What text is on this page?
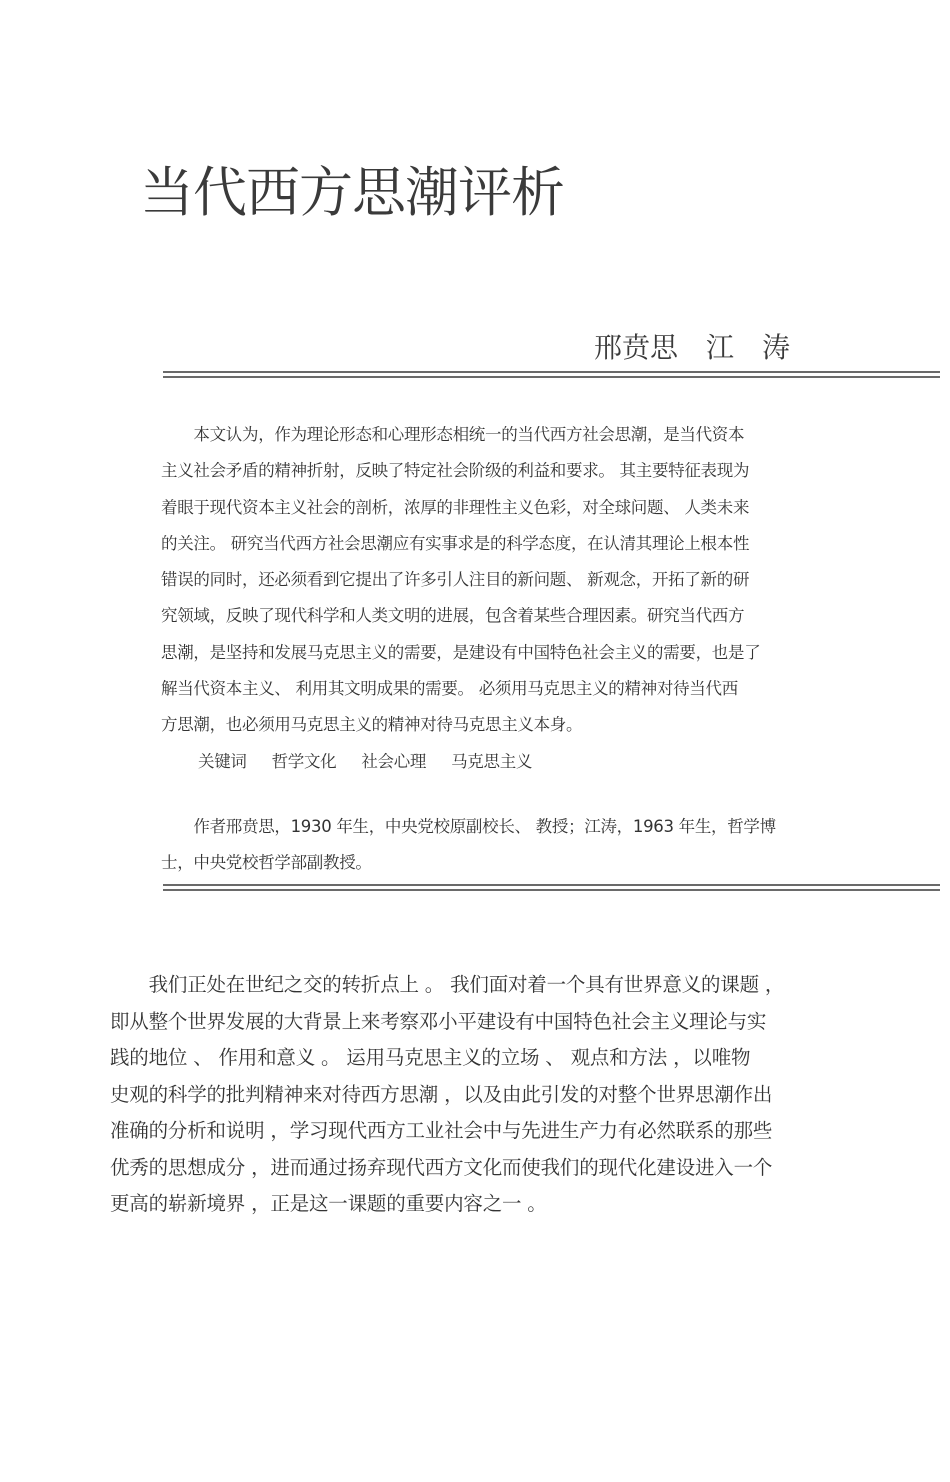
当代西方思潮评析
邢贲思　江　涛
　　本文认为，作为理论形态和心理形态相统一的当代西方社会思潮，是当代资本
主义社会矛盾的精神折射，反映了特定社会阶级的利益和要求。 其主要特征表现为
着眼于现代资本主义社会的剖析，浓厚的非理性主义色彩，对全球问题、 人类未来
的关注。 研究当代西方社会思潮应有实事求是的科学态度，在认清其理论上根本性
错误的同时，还必须看到它提出了许多引人注目的新问题、 新观念，开拓了新的研
究领域，反映了现代科学和人类文明的进展，包含着某些合理因素。研究当代西方
思潮，是坚持和发展马克思主义的需要，是建设有中国特色社会主义的需要，也是了
解当代资本主义、 利用其文明成果的需要。 必须用马克思主义的精神对待当代西
方思潮，也必须用马克思主义的精神对待马克思主义本身。
关键词 哲学文化 社会心理 马克思主义
　　作者邢贲思，1930 年生，中央党校原副校长、 教授；江涛，1963 年生，哲学博
士，中央党校哲学部副教授。
　　我们正处在世纪之交的转折点上 。 我们面对着一个具有世界意义的课题 ，
即从整个世界发展的大背景上来考察邓小平建设有中国特色社会主义理论与实
践的地位 、 作用和意义 。 运用马克思主义的立场 、 观点和方法 ，以唯物
史观的科学的批判精神来对待西方思潮 ，以及由此引发的对整个世界思潮作出
准确的分析和说明 ，学习现代西方工业社会中与先进生产力有必然联系的那些
优秀的思想成分 ，进而通过扬弃现代西方文化而使我们的现代化建设进入一个
更高的崭新境界 ，正是这一课题的重要内容之一 。
